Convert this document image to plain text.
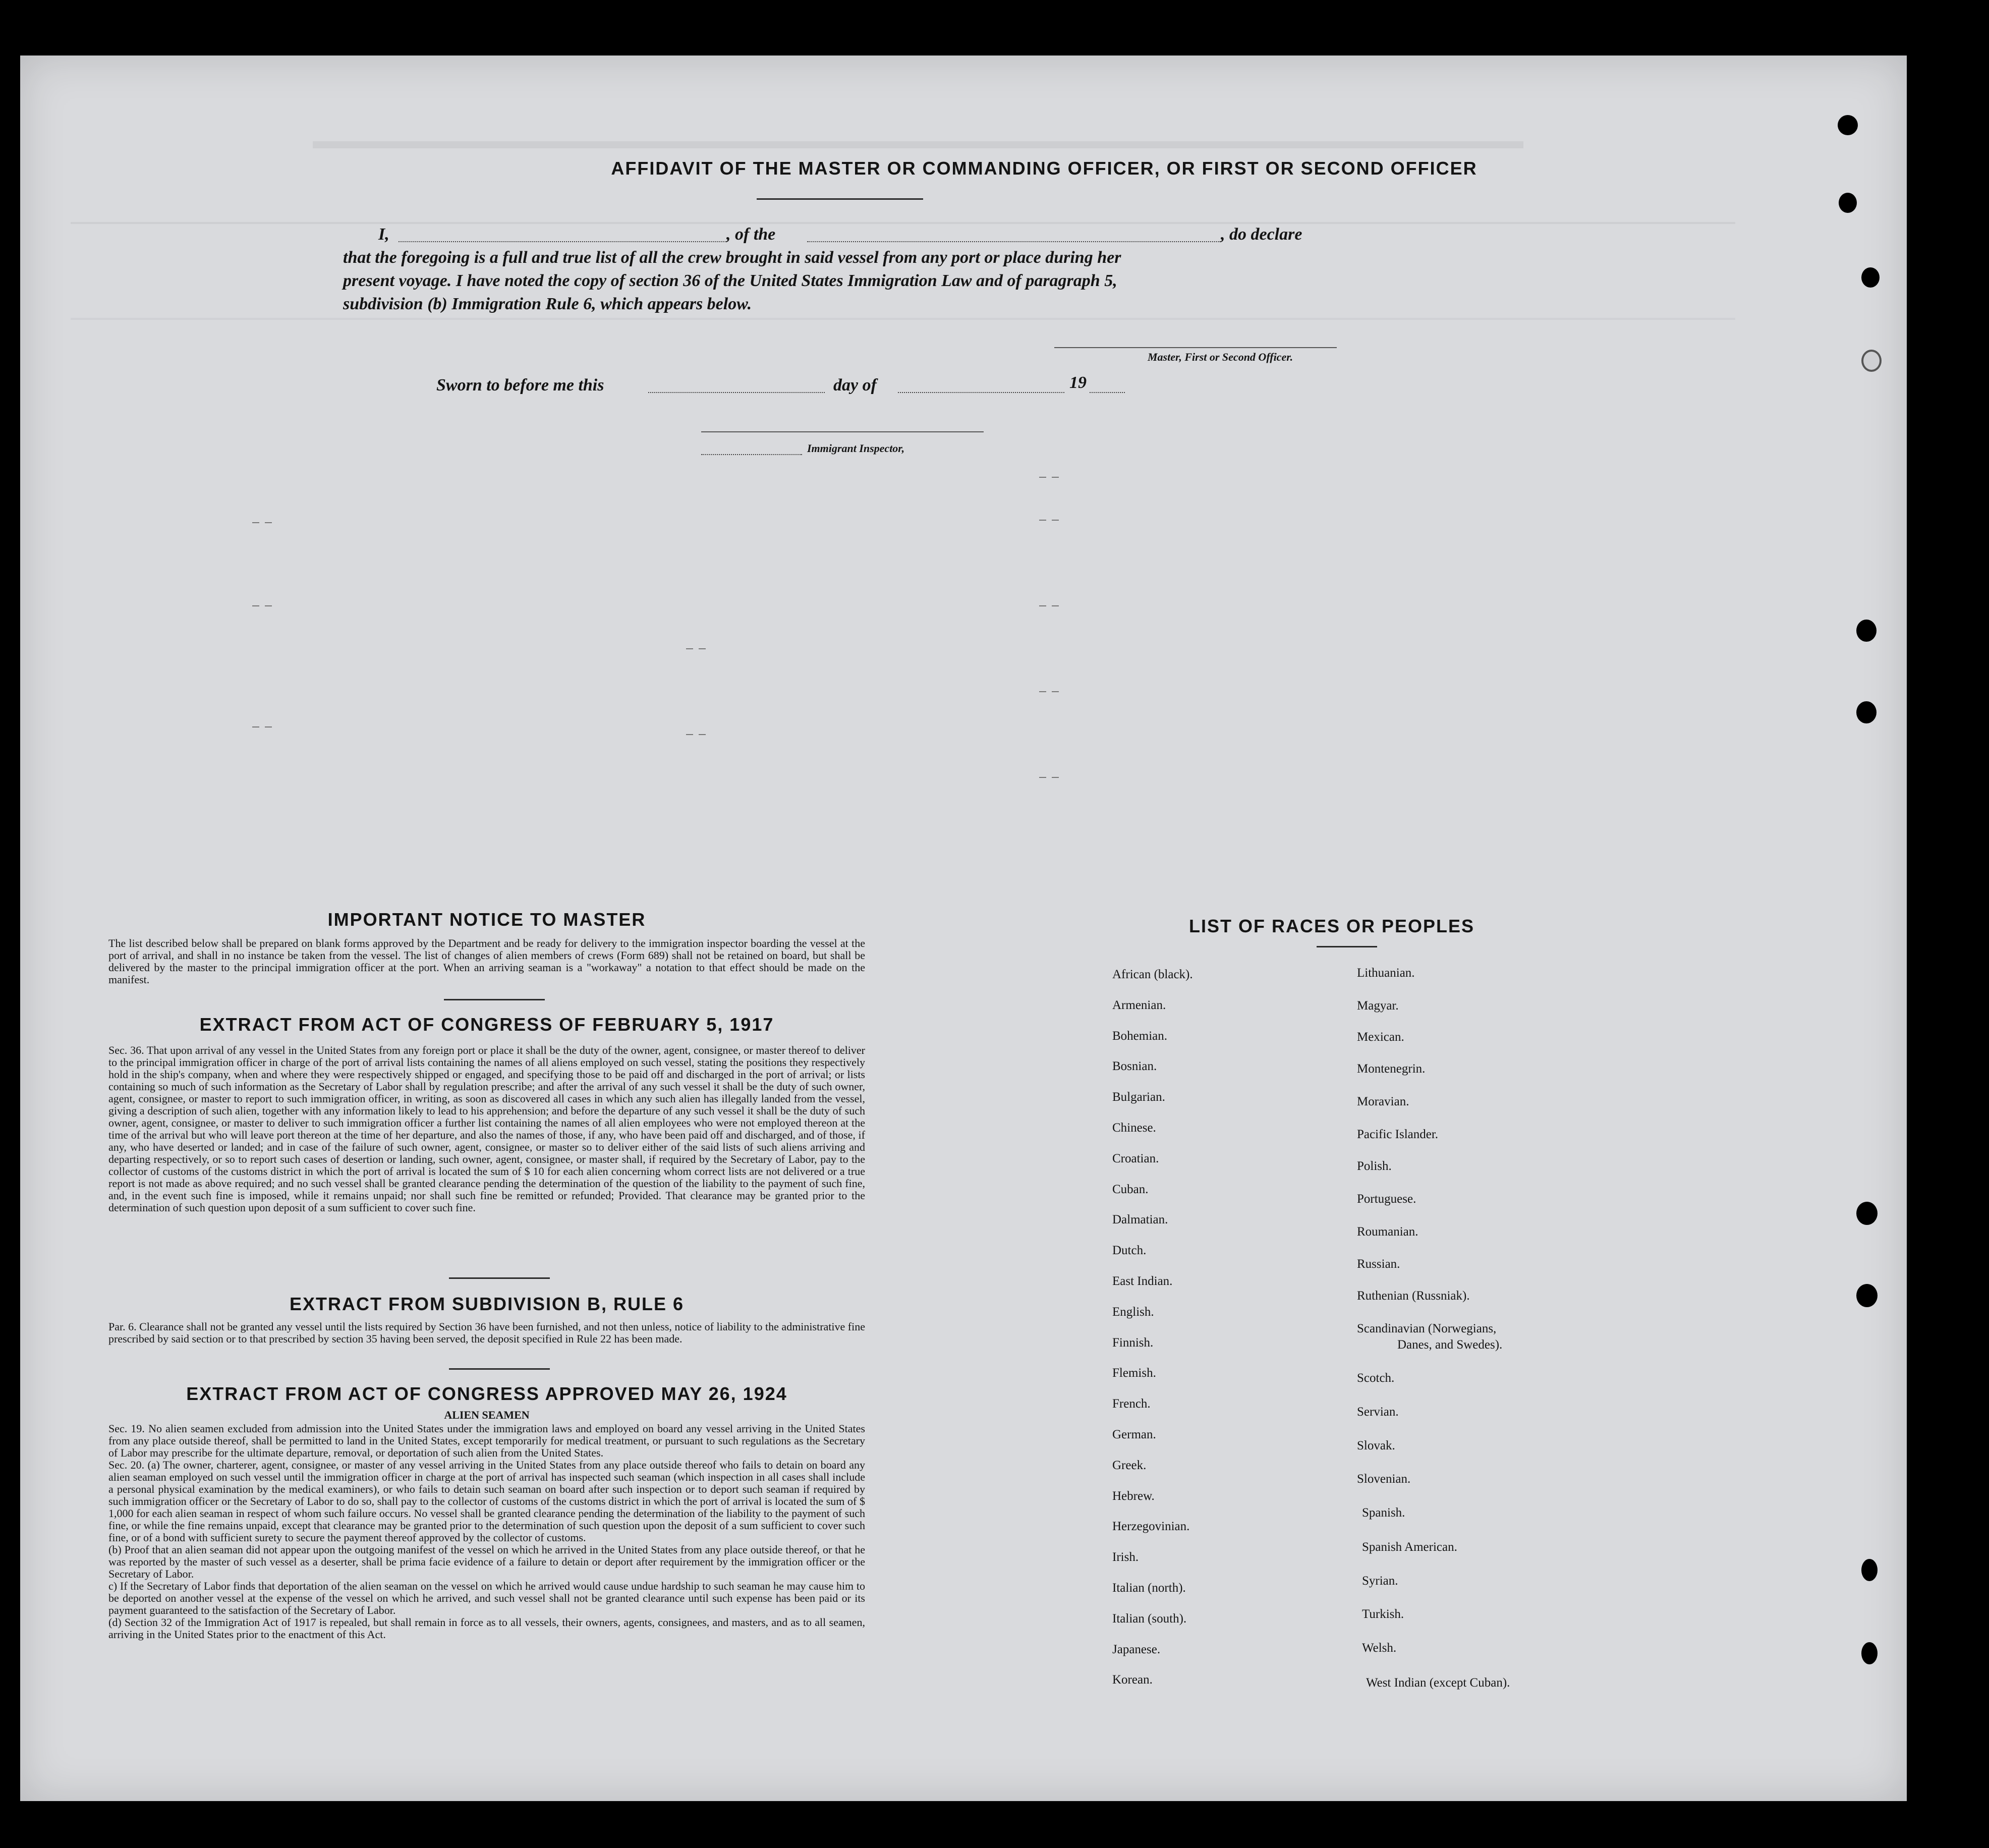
AFFIDAVIT OF THE MASTER OR COMMANDING OFFICER, OR FIRST OR SECOND OFFICER
I,	, of the	, do declare
that the foregoing is a full and true list of all the crew brought in said vessel from any port or place during her
present voyage. I have noted the copy of section 36 of the United States Immigration Law and of paragraph 5,
subdivision (b) Immigration Rule 6, which appears below.
Master, First or Second Officer.
Sworn to before me this	day of	19
Immigrant Inspector,
IMPORTANT NOTICE TO MASTER

The list described below shall be prepared on blank forms approved by the Department and be ready for delivery to the immigration inspector boarding the vessel at the port of arrival, and shall in no instance be taken from the vessel. The list of changes of alien members of crews (Form 689) shall not be retained on board, but shall be delivered by the master to the principal immigration officer at the port. When an arriving seaman is a "workaway" a notation to that effect should be made on the manifest.

EXTRACT FROM ACT OF CONGRESS OF FEBRUARY 5, 1917

Sec. 36. That upon arrival of any vessel in the United States from any foreign port or place it shall be the duty of the owner, agent, consignee, or master thereof to deliver to the principal immigration officer in charge of the port of arrival lists containing the names of all aliens employed on such vessel, stating the positions they respectively hold in the ship's company, when and where they were respectively shipped or engaged, and specifying those to be paid off and discharged in the port of arrival; or lists containing so much of such information as the Secretary of Labor shall by regulation prescribe; and after the arrival of any such vessel it shall be the duty of such owner, agent, consignee, or master to report to such immigration officer, in writing, as soon as discovered all cases in which any such alien has illegally landed from the vessel, giving a description of such alien, together with any information likely to lead to his apprehension; and before the departure of any such vessel it shall be the duty of such owner, agent, consignee, or master to deliver to such immigration officer a further list containing the names of all alien employees who were not employed thereon at the time of the arrival but who will leave port thereon at the time of her departure, and also the names of those, if any, who have been paid off and discharged, and of those, if any, who have deserted or landed; and in case of the failure of such owner, agent, consignee, or master so to deliver either of the said lists of such aliens arriving and departing respectively, or so to report such cases of desertion or landing, such owner, agent, consignee, or master shall, if required by the Secretary of Labor, pay to the collector of customs of the customs district in which the port of arrival is located the sum of $ 10 for each alien concerning whom correct lists are not delivered or a true report is not made as above required; and no such vessel shall be granted clearance pending the determination of the question of the liability to the payment of such fine, and, in the event such fine is imposed, while it remains unpaid; nor shall such fine be remitted or refunded; Provided. That clearance may be granted prior to the determination of such question upon deposit of a sum sufficient to cover such fine.

EXTRACT FROM SUBDIVISION B, RULE 6

Par. 6. Clearance shall not be granted any vessel until the lists required by Section 36 have been furnished, and not then unless, notice of liability to the administrative fine prescribed by said section or to that prescribed by section 35 having been served, the deposit specified in Rule 22 has been made.

EXTRACT FROM ACT OF CONGRESS APPROVED MAY 26, 1924
ALIEN SEAMEN

Sec. 19. No alien seamen excluded from admission into the United States under the immigration laws and employed on board any vessel arriving in the United States from any place outside thereof, shall be permitted to land in the United States, except temporarily for medical treatment, or pursuant to such regulations as the Secretary of Labor may prescribe for the ultimate departure, removal, or deportation of such alien from the United States.

Sec. 20. (a) The owner, charterer, agent, consignee, or master of any vessel arriving in the United States from any place outside thereof who fails to detain on board any alien seaman employed on such vessel until the immigration officer in charge at the port of arrival has inspected such seaman (which inspection in all cases shall include a personal physical examination by the medical examiners), or who fails to detain such seaman on board after such inspection or to deport such seaman if required by such immigration officer or the Secretary of Labor to do so, shall pay to the collector of customs of the customs district in which the port of arrival is located the sum of $ 1,000 for each alien seaman in respect of whom such failure occurs. No vessel shall be granted clearance pending the determination of the liability to the payment of such fine, or while the fine remains unpaid, except that clearance may be granted prior to the determination of such question upon the deposit of a sum sufficient to cover such fine, or of a bond with sufficient surety to secure the payment thereof approved by the collector of customs.

(b) Proof that an alien seaman did not appear upon the outgoing manifest of the vessel on which he arrived in the United States from any place outside thereof, or that he was reported by the master of such vessel as a deserter, shall be prima facie evidence of a failure to detain or deport after requirement by the immigration officer or the Secretary of Labor.

c) If the Secretary of Labor finds that deportation of the alien seaman on the vessel on which he arrived would cause undue hardship to such seaman he may cause him to be deported on another vessel at the expense of the vessel on which he arrived, and such vessel shall not be granted clearance until such expense has been paid or its payment guaranteed to the satisfaction of the Secretary of Labor.

(d) Section 32 of the Immigration Act of 1917 is repealed, but shall remain in force as to all vessels, their owners, agents, consignees, and masters, and as to all seamen, arriving in the United States prior to the enactment of this Act.

LIST OF RACES OR PEOPLES
African (black).
Armenian.
Bohemian.
Bosnian.
Bulgarian.
Chinese.
Croatian.
Cuban.
Dalmatian.
Dutch.
East Indian.
English.
Finnish.
Flemish.
French.
German.
Greek.
Hebrew.
Herzegovinian.
Irish.
Italian (north).
Italian (south).
Japanese.
Korean.
Lithuanian.
Magyar.
Mexican.
Montenegrin.
Moravian.
Pacific Islander.
Polish.
Portuguese.
Roumanian.
Russian.
Ruthenian (Russniak).
Scandinavian (Norwegians,
Danes, and Swedes).
Scotch.
Servian.
Slovak.
Slovenian.
Spanish.
Spanish American.
Syrian.
Turkish.
Welsh.
West Indian (except Cuban).
